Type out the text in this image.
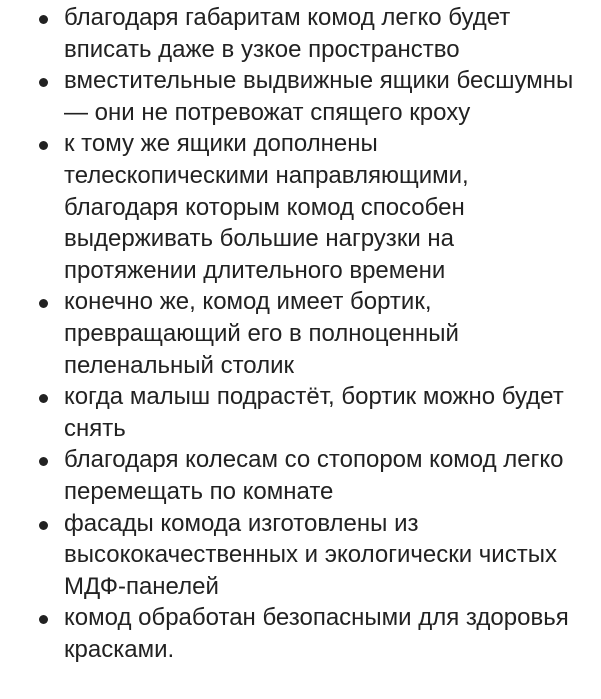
благодаря габаритам комод легко будет вписать даже в узкое пространство
вместительные выдвижные ящики бесшумны — они не потревожат спящего кроху
к тому же ящики дополнены телескопическими направляющими, благодаря которым комод способен выдерживать большие нагрузки на протяжении длительного времени
конечно же, комод имеет бортик, превращающий его в полноценный пеленальный столик
когда малыш подрастёт, бортик можно будет снять
благодаря колесам со стопором комод легко перемещать по комнате
фасады комода изготовлены из высококачественных и экологически чистых МДФ-панелей
комод обработан безопасными для здоровья красками.
